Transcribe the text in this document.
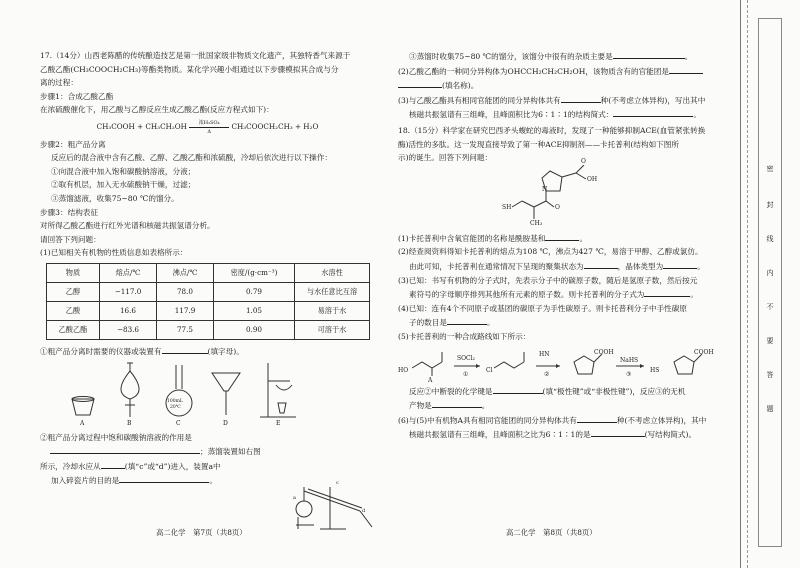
17.（14分）山西老陈醋的传统酿造技艺是第一批国家级非物质文化遗产，其独特香气来源于
乙酸乙酯(CH₃COOCH₂CH₃)等酯类物质。某化学兴趣小组通过以下步骤模拟其合成与分
离的过程：
步骤1：合成乙酸乙酯
在浓硫酸催化下，用乙酸与乙醇反应生成乙酸乙酯(反应方程式如下)：
CH₃COOH + CH₃CH₂OH	浓H₂SO₄
Δ
CH₃COOCH₂CH₃ + H₂O
步骤2：粗产品分离
反应后的混合液中含有乙酸、乙醇、乙酸乙酯和浓硫酸，冷却后依次进行以下操作：
①向混合液中加入饱和碳酸钠溶液，分液；
②取有机层，加入无水硫酸钠干燥，过滤；
③蒸馏滤液，收集75~80 ℃的馏分。
步骤3：结构表征
对所得乙酸乙酯进行红外光谱和核磁共振氢谱分析。
请回答下列问题：
(1)已知相关有机物的性质信息如表格所示：
物质	熔点/℃	沸点/℃	密度/(g·cm⁻³)	水溶性
乙醇	−117.0	78.0	0.79	与水任意比互溶
乙酸	16.6	117.9	1.05	易溶于水
乙酸乙酯	−83.6	77.5	0.90	可溶于水
①粗产品分离时需要的仪器或装置有	(填字母)。
100mL
20℃
A	B	C	D	E
②粗产品分离过程中饱和碳酸钠溶液的作用是
；蒸馏装置如右图
所示，冷却水应从	(填“c”或“d”)进入，装置a中
加入碎瓷片的目的是	。
a
c
d
高二化学　第7页（共8页）
③蒸馏时收集75~80 ℃的馏分，该馏分中很有的杂质主要是	。
(2)乙酸乙酯的一种同分异构体为OHCCH₂CH₂CH₂OH，该物质含有的官能团是
(填名称)。
(3)与乙酸乙酯具有相同官能团的同分异构体共有	种(不考虑立体异构)，写出其中
核磁共振氢谱有三组峰，且峰面积比为6∶1∶1的结构简式：	。
18.（15分）科学家在研究巴西矛头蝮蛇的毒液时，发现了一种能够抑制ACE(血管紧张转换
酶)活性的多肽。这一发现直接导致了第一种ACE抑制剂——卡托普利(结构如下图所
示)的诞生。回答下列问题：
N
O
OH
O
SH
CH₃
(1)卡托普利中含氧官能团的名称是酰胺基和	。
(2)经查阅资料得知卡托普利的熔点为108 ℃，沸点为427 ℃，易溶于甲醇、乙醇或氯仿。
由此可知，卡托普利在通常情况下呈现的聚集状态为	，晶体类型为	。
(3)已知：书写有机物的分子式时，先表示分子中的碳原子数，随后是氢原子数，然后按元
素符号的字母顺序排列其他所有元素的原子数。则卡托普利的分子式为	。
(4)已知：连有4个不同原子或基团的碳原子为手性碳原子。则卡托普利分子中手性碳原
子的数目是	。
(5)卡托普利的一种合成路线如下所示：
HO
A
SOCl₂
①
Cl
HN
②
COOH
NaHS
③
HS
COOH
反应②中断裂的化学键是	(填“极性键”或“非极性键”)，反应③的无机
产物是	。
(6)与(5)中有机物A具有相同官能团的同分异构体共有	种(不考虑立体异构)，其中
核磁共振氢谱有三组峰，且峰面积之比为6∶1∶1的是	(写结构简式)。
高二化学　第8页（共8页）
密
封
线
内
不
要
答
题
